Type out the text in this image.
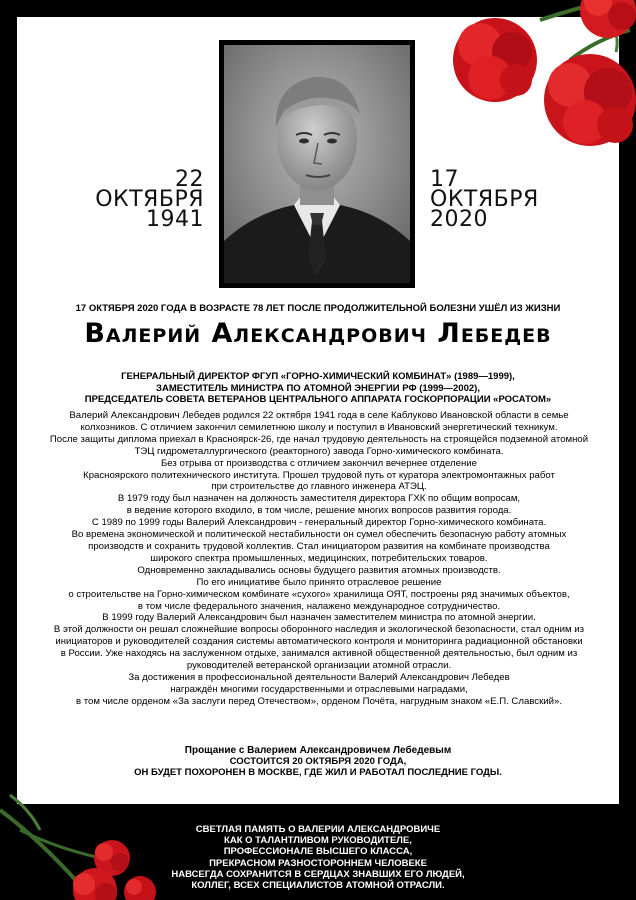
22 ОКТЯБРЯ
1941
17 ОКТЯБРЯ
2020
17 ОКТЯБРЯ 2020 ГОДА В ВОЗРАСТЕ 78 ЛЕТ ПОСЛЕ ПРОДОЛЖИТЕЛЬНОЙ БОЛЕЗНИ УШЁЛ ИЗ ЖИЗНИ
Валерий Александрович Лебедев
ГЕНЕРАЛЬНЫЙ ДИРЕКТОР ФГУП «ГОРНО-ХИМИЧЕСКИЙ КОМБИНАТ» (1989—1999),
ЗАМЕСТИТЕЛЬ МИНИСТРА ПО АТОМНОЙ ЭНЕРГИИ РФ (1999—2002),
ПРЕДСЕДАТЕЛЬ СОВЕТА ВЕТЕРАНОВ ЦЕНТРАЛЬНОГО АППАРАТА ГОСКОРПОРАЦИИ «РОСАТОМ»
Валерий Александрович Лебедев родился 22 октября 1941 года в селе Каблуково Ивановской области в семье
колхозников. С отличием закончил семилетнюю школу и поступил в Ивановский энергетический техникум.
После защиты диплома приехал в Красноярск-26, где начал трудовую деятельность на строящейся подземной атомной
ТЭЦ гидрометаллургического (реакторного) завода Горно-химического комбината.
Без отрыва от производства с отличием закончил вечернее отделение
Красноярского политехнического института. Прошел трудовой путь от куратора электромонтажных работ
при строительстве до главного инженера АТЭЦ.
В 1979 году был назначен на должность заместителя директора ГХК по общим вопросам,
в ведение которого входило, в том числе, решение многих вопросов развития города.
С 1989 по 1999 годы Валерий Александрович - генеральный директор Горно-химического комбината.
Во времена экономической и политической нестабильности он сумел обеспечить безопасную работу атомных
производств и сохранить трудовой коллектив. Стал инициатором развития на комбинате производства
широкого спектра промышленных, медицинских, потребительских товаров.
Одновременно закладывались основы будущего развития атомных производств.
По его инициативе было принято отраслевое решение
о строительстве на Горно-химическом комбинате «сухого» хранилища ОЯТ, построены ряд значимых объектов,
в том числе федерального значения, налажено международное сотрудничество.
В 1999 году Валерий Александрович был назначен заместителем министра по атомной энергии.
В этой должности он решал сложнейшие вопросы оборонного наследия и экологической безопасности, стал одним из
инициаторов и руководителей создания системы автоматического контроля и мониторинга радиационной обстановки
в России. Уже находясь на заслуженном отдыхе, занимался активной общественной деятельностью, был одним из
руководителей ветеранской организации атомной отрасли.
За достижения в профессиональной деятельности Валерий Александрович Лебедев
награждён многими государственными и отраслевыми наградами,
в том числе орденом «За заслуги перед Отечеством», орденом Почёта, нагрудным знаком «Е.П. Славский».
Прощание с Валерием Александровичем Лебедевым
СОСТОИТСЯ 20 ОКТЯБРЯ 2020 ГОДА,
ОН БУДЕТ ПОХОРОНЕН В МОСКВЕ, ГДЕ ЖИЛ И РАБОТАЛ ПОСЛЕДНИЕ ГОДЫ.
СВЕТЛАЯ ПАМЯТЬ О ВАЛЕРИИ АЛЕКСАНДРОВИЧЕ
КАК О ТАЛАНТЛИВОМ РУКОВОДИТЕЛЕ,
ПРОФЕССИОНАЛЕ ВЫСШЕГО КЛАССА,
ПРЕКРАСНОМ РАЗНОСТОРОННЕМ ЧЕЛОВЕКЕ
НАВСЕГДА СОХРАНИТСЯ В СЕРДЦАХ ЗНАВШИХ ЕГО ЛЮДЕЙ,
КОЛЛЕГ, ВСЕХ СПЕЦИАЛИСТОВ АТОМНОЙ ОТРАСЛИ.
